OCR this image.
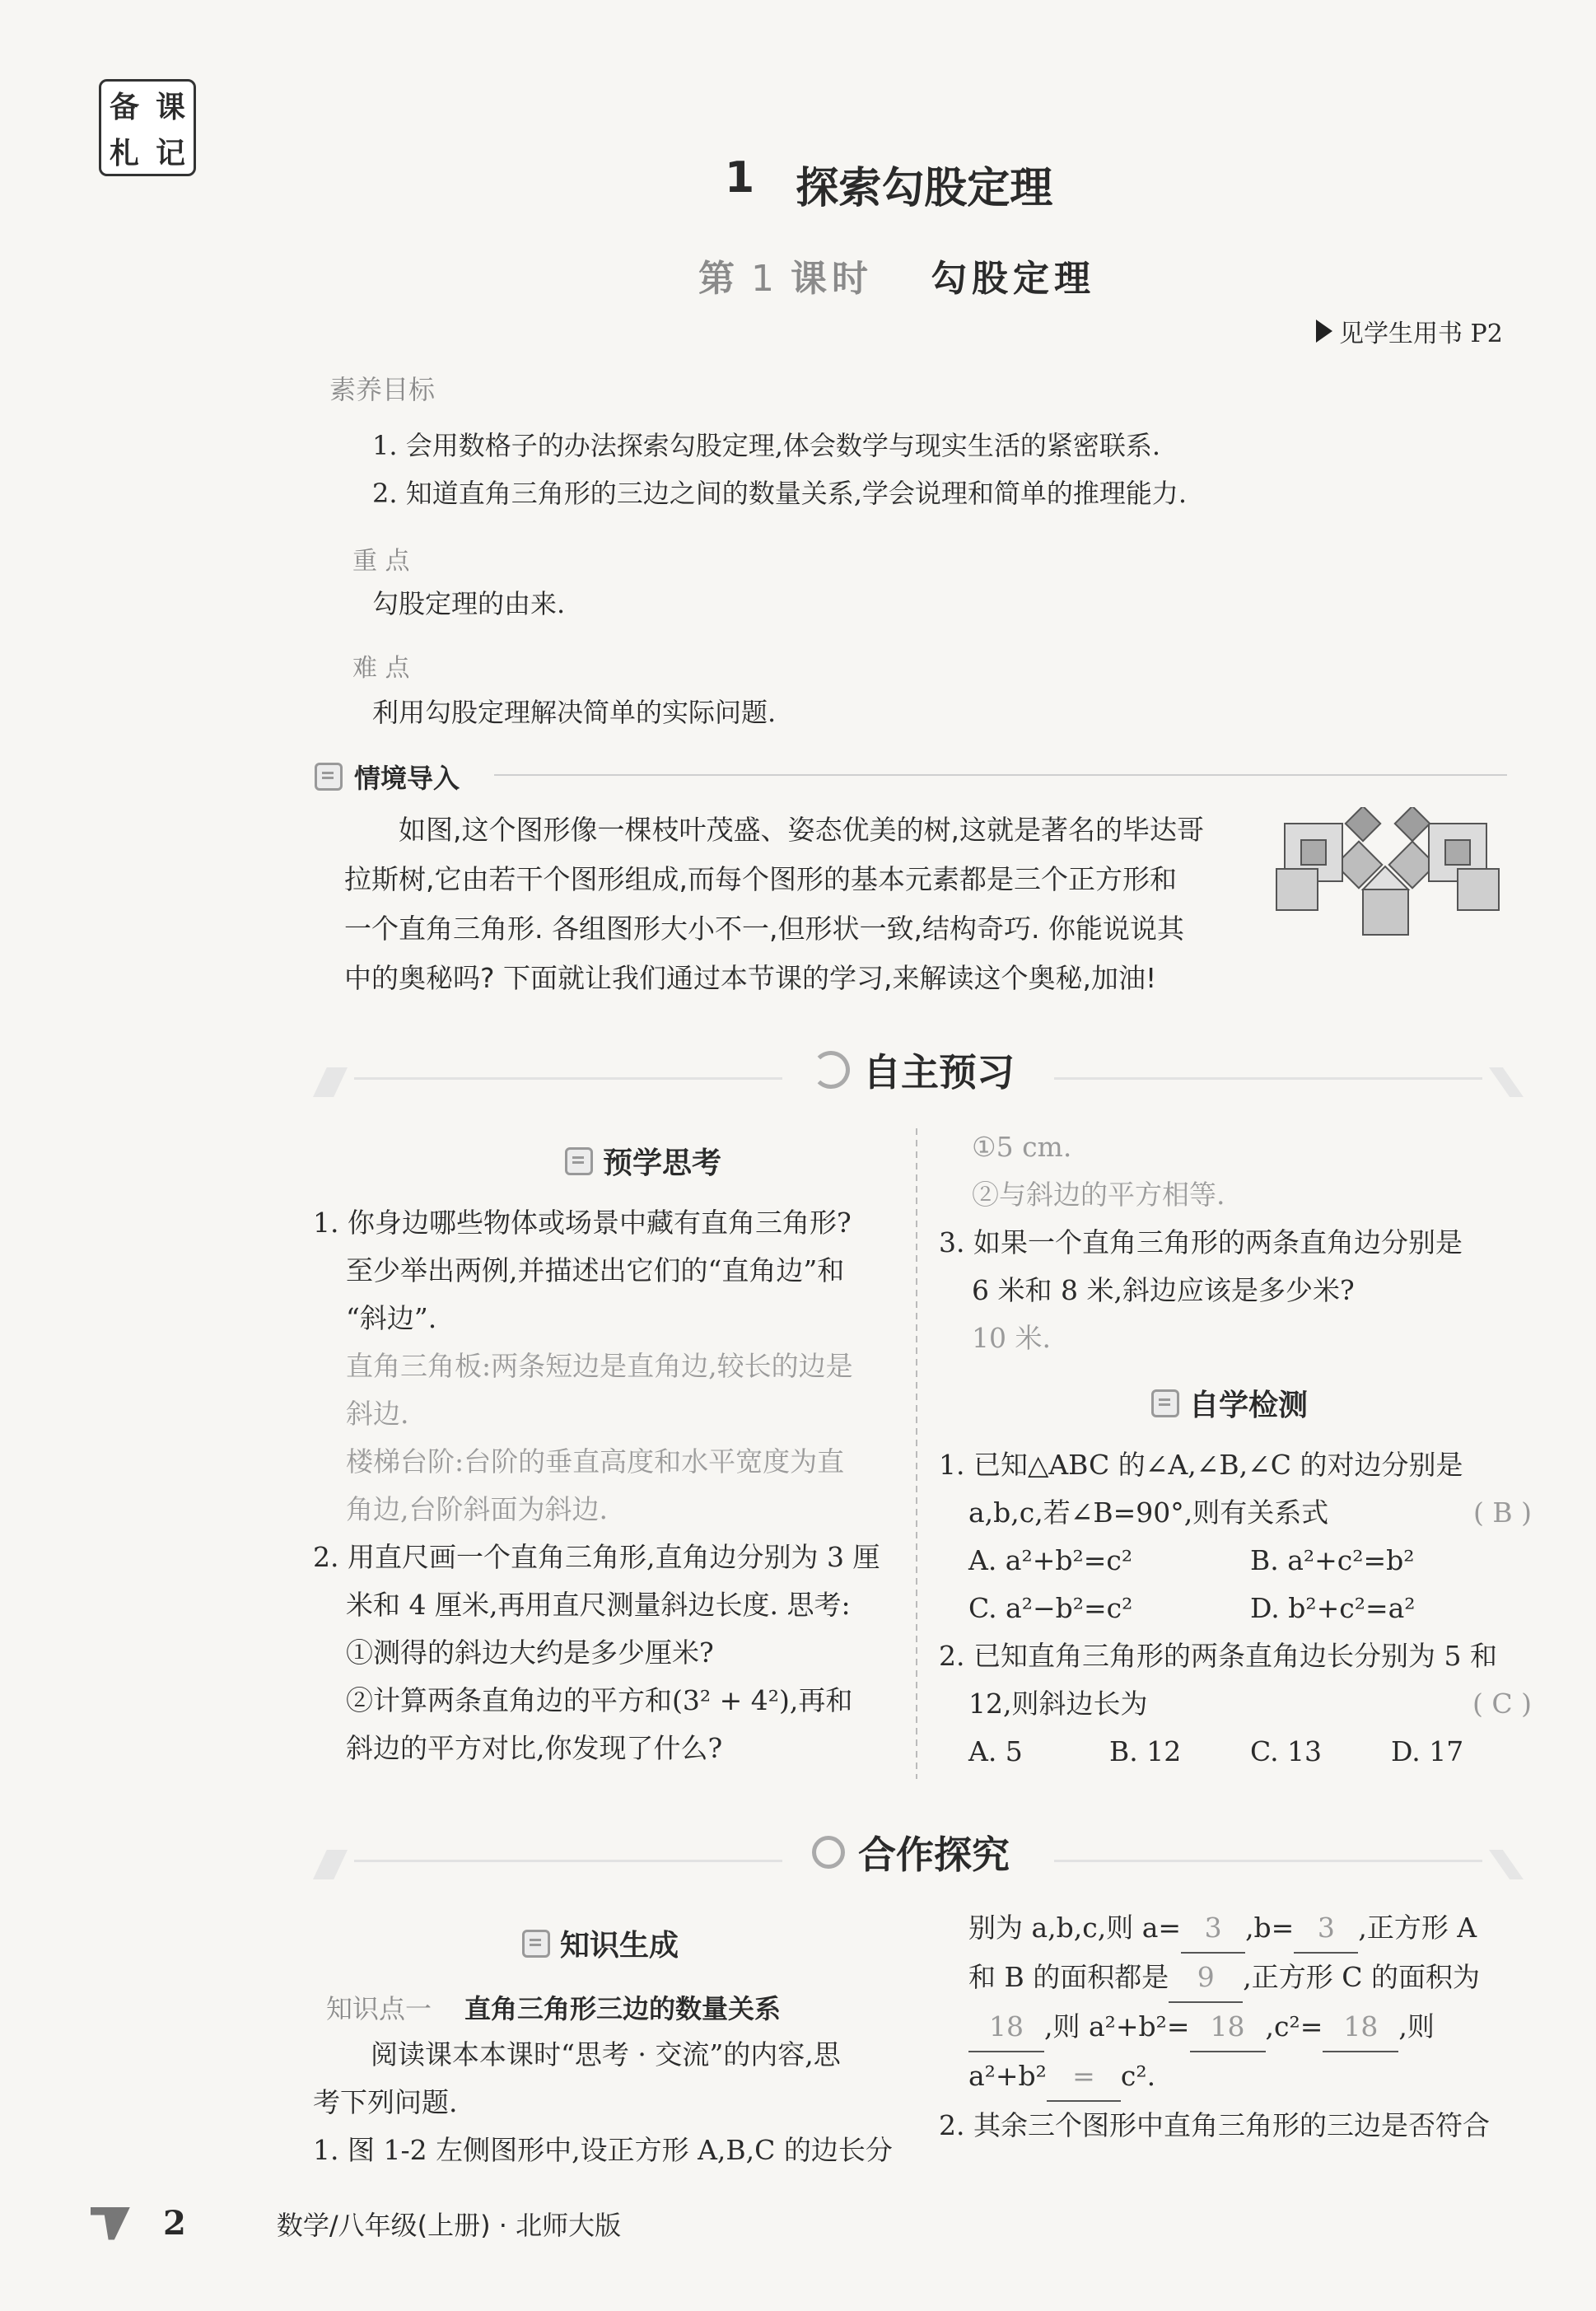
备 课
札 记	1 探索勾股定理
第 1 课时 勾股定理
见学生用书 P2
素养目标
1. 会用数格子的办法探索勾股定理,体会数学与现实生活的紧密联系.
2. 知道直角三角形的三边之间的数量关系,学会说理和简单的推理能力.
重 点
勾股定理的由来.
难 点
利用勾股定理解决简单的实际问题.
情境导入
如图,这个图形像一棵枝叶茂盛、姿态优美的树,这就是著名的毕达哥
拉斯树,它由若干个图形组成,而每个图形的基本元素都是三个正方形和
一个直角三角形. 各组图形大小不一,但形状一致,结构奇巧. 你能说说其
中的奥秘吗? 下面就让我们通过本节课的学习,来解读这个奥秘,加油!
自主预习
预学思考
1. 你身边哪些物体或场景中藏有直角三角形?
至少举出两例,并描述出它们的“直角边”和
“斜边”.
直角三角板:两条短边是直角边,较长的边是
斜边.
楼梯台阶:台阶的垂直高度和水平宽度为直
角边,台阶斜面为斜边.
2. 用直尺画一个直角三角形,直角边分别为 3 厘
米和 4 厘米,再用直尺测量斜边长度. 思考:
①测得的斜边大约是多少厘米?
②计算两条直角边的平方和(3² + 4²),再和
斜边的平方对比,你发现了什么?
①5 cm.
②与斜边的平方相等.
3. 如果一个直角三角形的两条直角边分别是
6 米和 8 米,斜边应该是多少米?
10 米.
自学检测
1. 已知△ABC 的∠A,∠B,∠C 的对边分别是
a,b,c,若∠B=90°,则有关系式	( B )
A. a²+b²=c²	B. a²+c²=b²
C. a²−b²=c²	D. b²+c²=a²
2. 已知直角三角形的两条直角边长分别为 5 和
12,则斜边长为	( C )
A. 5	B. 12	C. 13	D. 17
合作探究
知识生成
知识点一 直角三角形三边的数量关系
阅读课本本课时“思考 · 交流”的内容,思
考下列问题.
1. 图 1-2 左侧图形中,设正方形 A,B,C 的边长分
别为 a,b,c,则 a= 3 ,b= 3 ,正方形 A
和 B 的面积都是 9 ,正方形 C 的面积为
18 ,则 a²+b²= 18 ,c²= 18 ,则
a²+b² = c².
2. 其余三个图形中直角三角形的三边是否符合
2	数学/八年级(上册) · 北师大版
